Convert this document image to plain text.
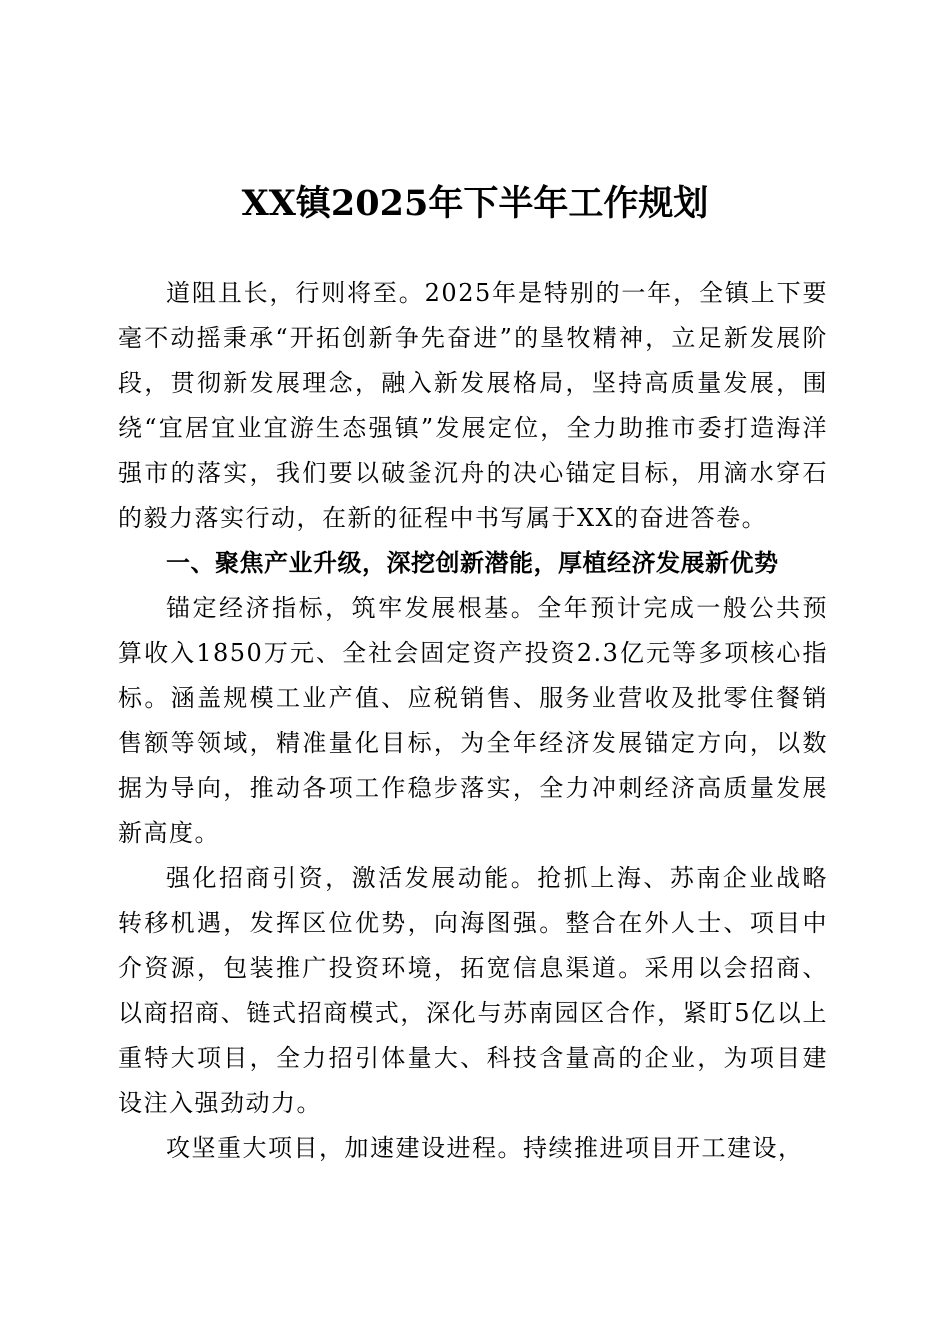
XX镇2025年下半年工作规划

道阻且长，行则将至。2025年是特别的一年，全镇上下要毫不动摇秉承“开拓创新争先奋进”的垦牧精神，立足新发展阶段，贯彻新发展理念，融入新发展格局，坚持高质量发展，围绕“宜居宜业宜游生态强镇”发展定位，全力助推市委打造海洋强市的落实，我们要以破釜沉舟的决心锚定目标，用滴水穿石的毅力落实行动，在新的征程中书写属于XX的奋进答卷。

一、聚焦产业升级，深挖创新潜能，厚植经济发展新优势

锚定经济指标，筑牢发展根基。全年预计完成一般公共预算收入1850万元、全社会固定资产投资2.3亿元等多项核心指标。涵盖规模工业产值、应税销售、服务业营收及批零住餐销售额等领域，精准量化目标，为全年经济发展锚定方向，以数据为导向，推动各项工作稳步落实，全力冲刺经济高质量发展新高度。

强化招商引资，激活发展动能。抢抓上海、苏南企业战略转移机遇，发挥区位优势，向海图强。整合在外人士、项目中介资源，包装推广投资环境，拓宽信息渠道。采用以会招商、以商招商、链式招商模式，深化与苏南园区合作，紧盯5亿以上重特大项目，全力招引体量大、科技含量高的企业，为项目建设注入强劲动力。

攻坚重大项目，加速建设进程。持续推进项目开工建设，
